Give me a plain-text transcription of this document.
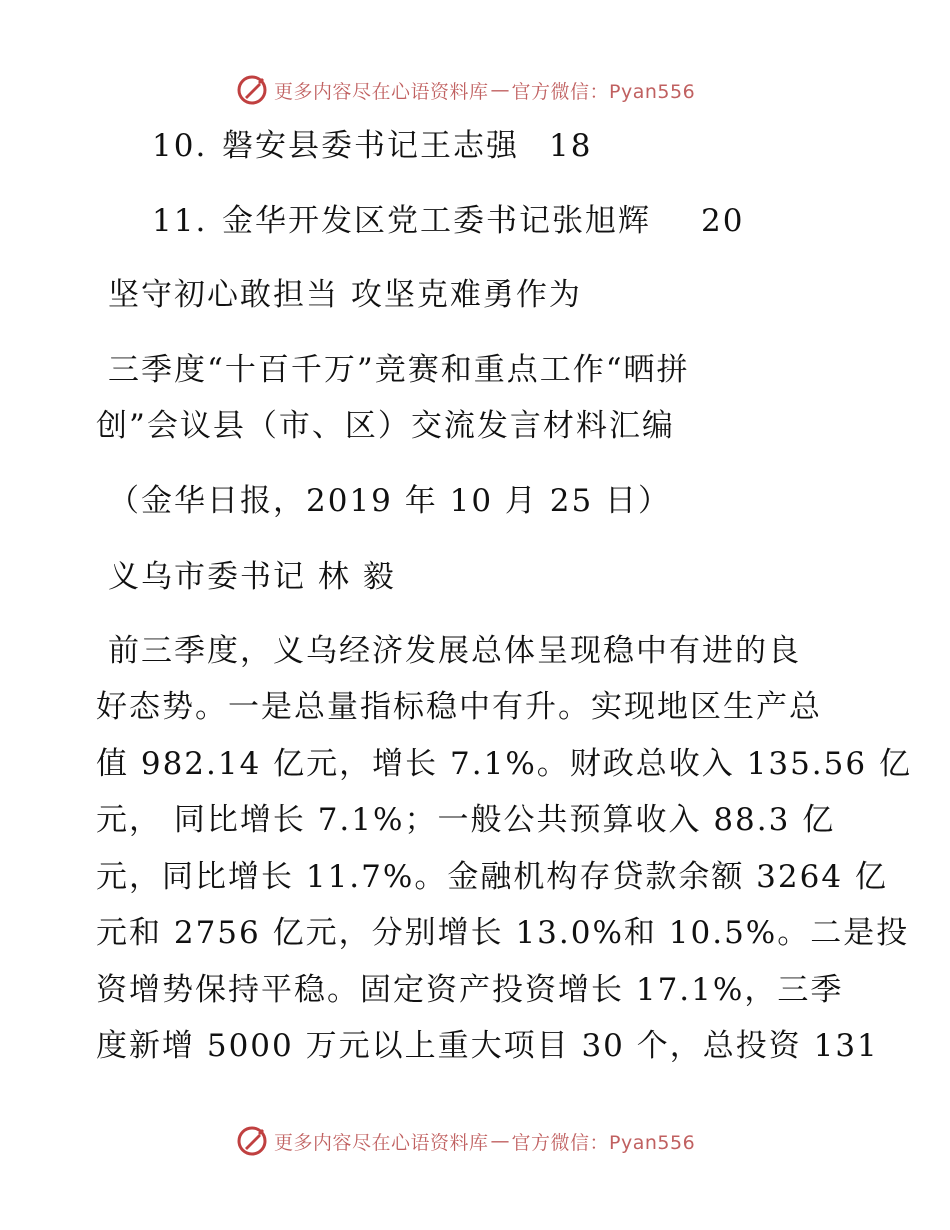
更多内容尽在心语资料库 — 官方微信：Pyan556
10. 磐安县委书记王志强 18
11. 金华开发区党工委书记张旭辉 20
坚守初心敢担当 攻坚克难勇作为
三季度“十百千万”竞赛和重点工作“晒拼
创”会议县（市、区）交流发言材料汇编
（金华日报，2019 年 10 月 25 日）
义乌市委书记 林 毅
前三季度，义乌经济发展总体呈现稳中有进的良
好态势。一是总量指标稳中有升。实现地区生产总
值 982.14 亿元，增长 7.1%。财政总收入 135.56 亿
元， 同比增长 7.1%；一般公共预算收入 88.3 亿
元，同比增长 11.7%。金融机构存贷款余额 3264 亿
元和 2756 亿元，分别增长 13.0%和 10.5%。二是投
资增势保持平稳。固定资产投资增长 17.1%，三季
度新增 5000 万元以上重大项目 30 个，总投资 131
更多内容尽在心语资料库 — 官方微信：Pyan556
